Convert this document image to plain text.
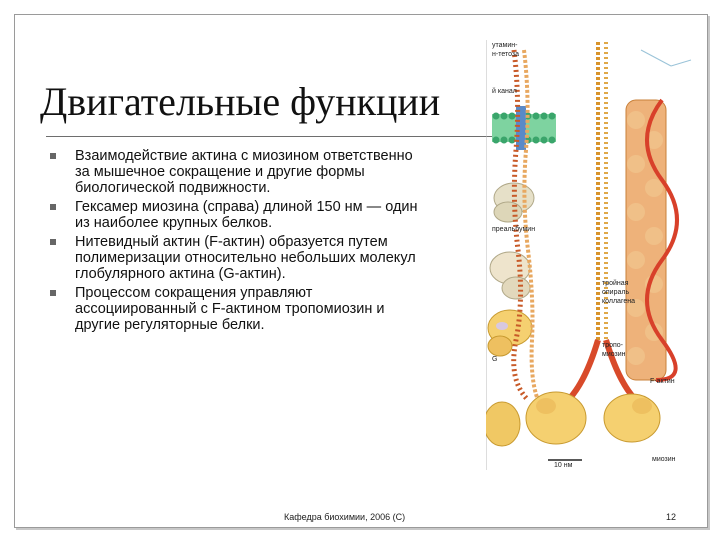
Двигательные функции
Взаимодействие актина с миозином ответственно за мышечное сокращение и другие формы биологической подвижности.
Гексамер миозина (справа) длиной 150 нм — один из наиболее крупных белков.
Нитевидный актин (F-актин) образуется путем полимеризации относительно небольших молекул глобулярного актина (G-актин).
Процессом сокращения управляют ассоциированный с F-актином тропомиозин и другие регуляторные белки.
утамин-
н-тетоза
й канал
преальбумин
тройная
опираль
коллагена
тропо-
миозин
F-актин
G
миозин
10 нм
Кафедра биохимии, 2006 (C)	12
